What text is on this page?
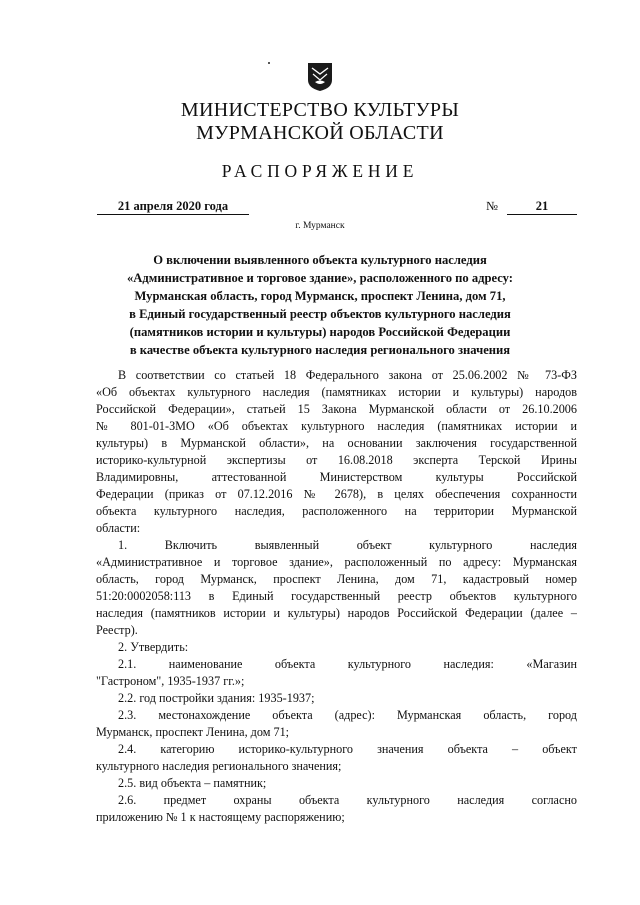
МИНИСТЕРСТВО КУЛЬТУРЫ
МУРМАНСКОЙ ОБЛАСТИ
РАСПОРЯЖЕНИЕ
21 апреля 2020 года	№	21
г. Мурманск
О включении выявленного объекта культурного наследия
«Административное и торговое здание», расположенного по адресу:
Мурманская область, город Мурманск, проспект Ленина, дом 71,
в Единый государственный реестр объектов культурного наследия
(памятников истории и культуры) народов Российской Федерации
в качестве объекта культурного наследия регионального значения
В соответствии со статьей 18 Федерального закона от 25.06.2002 № 73-ФЗ
«Об объектах культурного наследия (памятниках истории и культуры) народов
Российской Федерации», статьей 15 Закона Мурманской области от 26.10.2006
№ 801-01-ЗМО «Об объектах культурного наследия (памятниках истории и
культуры) в Мурманской области», на основании заключения государственной
историко-культурной экспертизы от 16.08.2018 эксперта Терской Ирины
Владимировны, аттестованной Министерством культуры Российской
Федерации (приказ от 07.12.2016 № 2678), в целях обеспечения сохранности
объекта культурного наследия, расположенного на территории Мурманской
области:
1. Включить выявленный объект культурного наследия
«Административное и торговое здание», расположенный по адресу: Мурманская
область, город Мурманск, проспект Ленина, дом 71, кадастровый номер
51:20:0002058:113 в Единый государственный реестр объектов культурного
наследия (памятников истории и культуры) народов Российской Федерации (далее –
Реестр).
2. Утвердить:
2.1. наименование объекта культурного наследия: «Магазин
"Гастроном", 1935-1937 гг.»;
2.2. год постройки здания: 1935-1937;
2.3. местонахождение объекта (адрес): Мурманская область, город
Мурманск, проспект Ленина, дом 71;
2.4. категорию историко-культурного значения объекта – объект
культурного наследия регионального значения;
2.5. вид объекта – памятник;
2.6. предмет охраны объекта культурного наследия согласно
приложению № 1 к настоящему распоряжению;
